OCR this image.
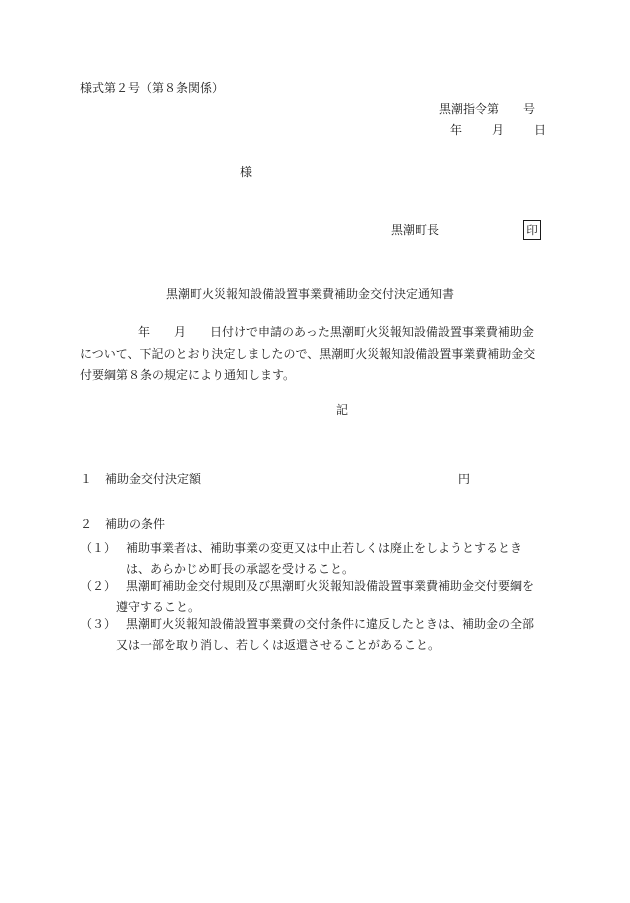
様式第２号（第８条関係）
黒潮指令第　　号
年	月	日
様
黒潮町長	印
黒潮町火災報知設備設置事業費補助金交付決定通知書
年　　月　　日付けで申請のあった黒潮町火災報知設備設置事業費補助金
について、下記のとおり決定しましたので、黒潮町火災報知設備設置事業費補助金交
付要綱第８条の規定により通知します。
記
１ 補助金交付決定額	円
２ 補助の条件
（１） 補助事業者は、補助事業の変更又は中止若しくは廃止をしようとするとき
は、あらかじめ町長の承認を受けること。
（２） 黒潮町補助金交付規則及び黒潮町火災報知設備設置事業費補助金交付要綱を
遵守すること。
（３） 黒潮町火災報知設備設置事業費の交付条件に違反したときは、補助金の全部
又は一部を取り消し、若しくは返還させることがあること。
